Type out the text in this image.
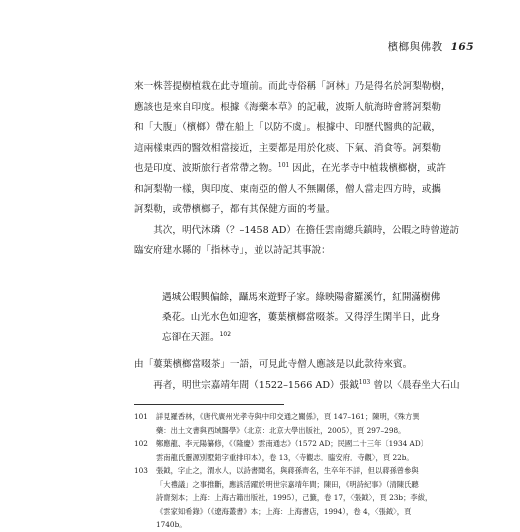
檳榔與佛教 165

來一株菩提樹植栽在此寺壇前。而此寺俗稱「訶林」乃是得名於訶梨勒樹，
應該也是來自印度。根據《海藥本草》的記載，波斯人航海時會將訶梨勒
和「大腹」（檳榔）帶在船上「以防不虞」。根據中、印歷代醫典的記載，
這兩樣東西的醫效相當接近，主要都是用於化痰、下氣、消食等。訶梨勒
也是印度、波斯旅行者常帶之物。$^{101}$ 因此，在光孝寺中植栽檳榔樹，或許
和訶梨勒一樣，與印度、東南亞的僧人不無關係，僧人當走四方時，或攜
訶梨勒，或帶檳榔子，都有其保健方面的考量。

其次，明代沐璘（？–1458 AD）在擔任雲南總兵鎮時，公暇之時曾遊訪
臨安府建水縣的「指林寺」，並以詩記其事說：

遇城公暇興偏餘，躡馬來遊野子家。綠映陽畬羅溪竹，紅開滿樹佛
桑花。山光水色如迎客，蔞葉檳榔當啜茶。又得浮生閑半日，此身
忘卻在天涯。$^{102}$

由「蔞葉檳榔當啜茶」一語，可見此寺僧人應該是以此款待來賓。

再者，明世宗嘉靖年間（1522–1566 AD）張鉞$^{103}$ 曾以〈晨春坐大石山

101	詳見羅香林，《唐代廣州光孝寺與中印交通之關係》，頁 147–161；陳明，《殊方異
藥：出土文書與西域醫學》（北京：北京大學出版社，2005），頁 297–298。
102	鄭應龍、李元陽纂修，《（隆慶）雲南通志》（1572 AD；民國二十三年〔1934 AD〕
雲南龍氏靈源別墅鉛字重排印本），卷 13，〈寺觀志．臨安府．寺觀〉，頁 22b。
103	張鉞，字止之，渭水人，以詩書聞名，與蔣孫齊名，生卒年不詳，但以蔣孫曾參與
「大禮議」之事推斷，應該活躍於明世宗嘉靖年間；陳田，《明詩紀事》（清陳氏聽
詩齋刻本；上海：上海古籍出版社，1995），己籤，卷 17，〈張鉞〉，頁 23b；李紱，
《雲家知希錄》（《遼海叢書》本；上海：上海書店，1994），卷 4，〈張鉞〉，頁
1740b。
